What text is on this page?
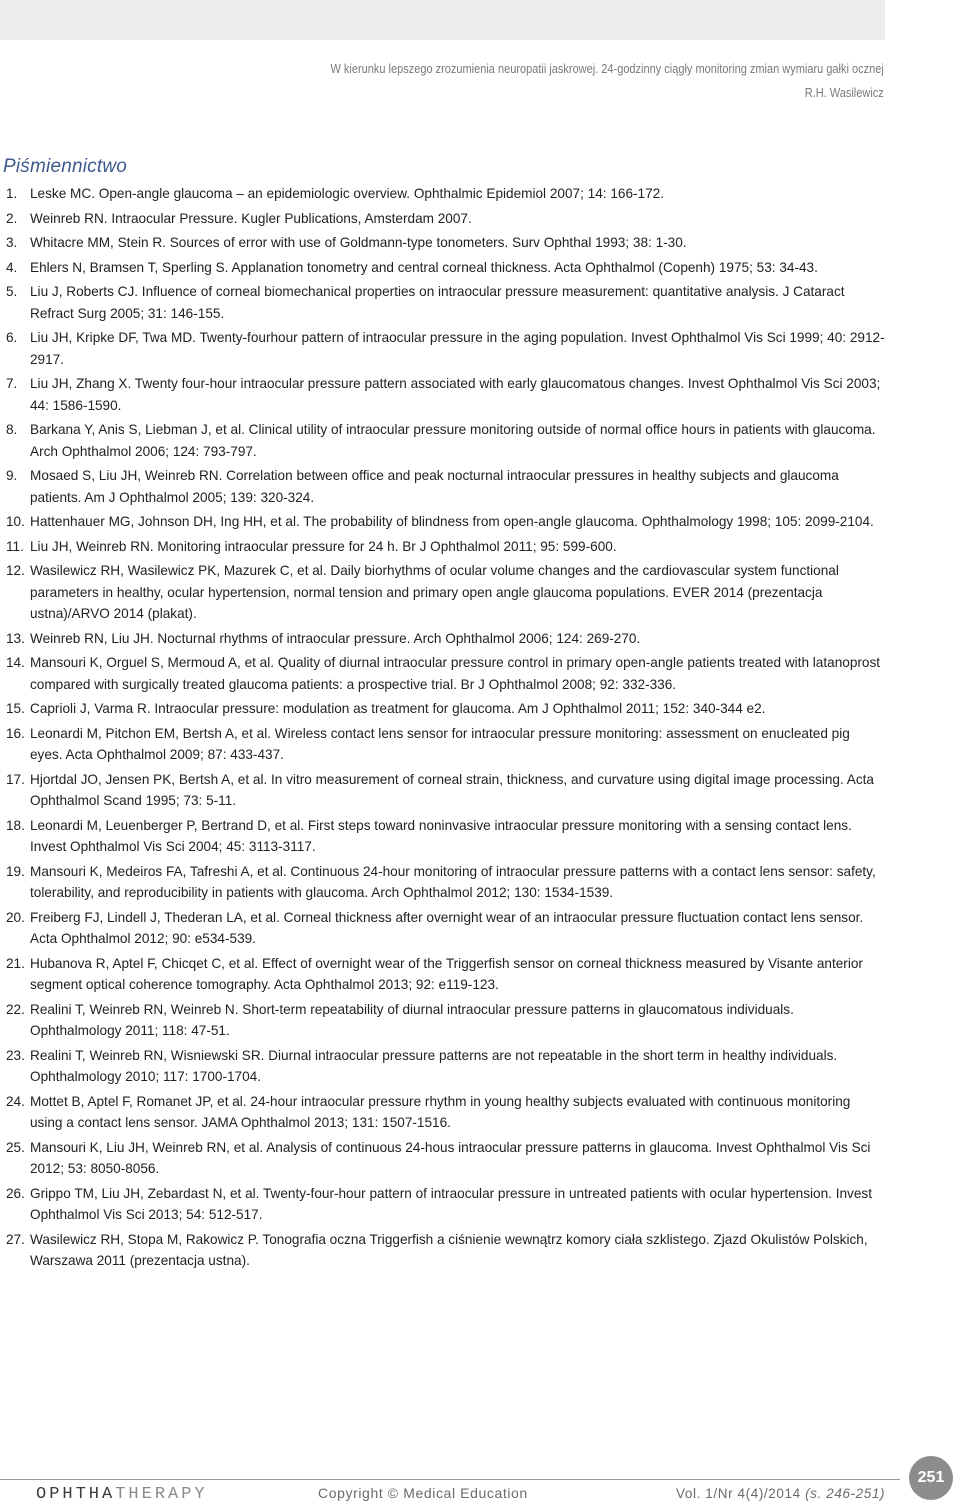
W kierunku lepszego zrozumienia neuropatii jaskrowej. 24-godzinny ciągły monitoring zmian wymiaru gałki ocznej
R.H. Wasilewicz
Piśmiennictwo
1. Leske MC. Open-angle glaucoma – an epidemiologic overview. Ophthalmic Epidemiol 2007; 14: 166-172.
2. Weinreb RN. Intraocular Pressure. Kugler Publications, Amsterdam 2007.
3. Whitacre MM, Stein R. Sources of error with use of Goldmann-type tonometers. Surv Ophthal 1993; 38: 1-30.
4. Ehlers N, Bramsen T, Sperling S. Applanation tonometry and central corneal thickness. Acta Ophthalmol (Copenh) 1975; 53: 34-43.
5. Liu J, Roberts CJ. Influence of corneal biomechanical properties on intraocular pressure measurement: quantitative analysis. J Cataract Refract Surg 2005; 31: 146-155.
6. Liu JH, Kripke DF, Twa MD. Twenty-fourhour pattern of intraocular pressure in the aging population. Invest Ophthalmol Vis Sci 1999; 40: 2912- 2917.
7. Liu JH, Zhang X. Twenty four-hour intraocular pressure pattern associated with early glaucomatous changes. Invest Ophthalmol Vis Sci 2003; 44: 1586-1590.
8. Barkana Y, Anis S, Liebman J, et al. Clinical utility of intraocular pressure monitoring outside of normal office hours in patients with glaucoma. Arch Ophthalmol 2006; 124: 793-797.
9. Mosaed S, Liu JH, Weinreb RN. Correlation between office and peak nocturnal intraocular pressures in healthy subjects and glaucoma patients. Am J Ophthalmol 2005; 139: 320-324.
10. Hattenhauer MG, Johnson DH, Ing HH, et al. The probability of blindness from open-angle glaucoma. Ophthalmology 1998; 105: 2099-2104.
11. Liu JH, Weinreb RN. Monitoring intraocular pressure for 24 h. Br J Ophthalmol 2011; 95: 599-600.
12. Wasilewicz RH, Wasilewicz PK, Mazurek C, et al. Daily biorhythms of ocular volume changes and the cardiovascular system functional parameters in healthy, ocular hypertension, normal tension and primary open angle glaucoma populations. EVER 2014 (prezentacja ustna)/ARVO 2014 (plakat).
13. Weinreb RN, Liu JH. Nocturnal rhythms of intraocular pressure. Arch Ophthalmol 2006; 124: 269-270.
14. Mansouri K, Orguel S, Mermoud A, et al. Quality of diurnal intraocular pressure control in primary open-angle patients treated with latanoprost compared with surgically treated glaucoma patients: a prospective trial. Br J Ophthalmol 2008; 92: 332-336.
15. Caprioli J, Varma R. Intraocular pressure: modulation as treatment for glaucoma. Am J Ophthalmol 2011; 152: 340-344 e2.
16. Leonardi M, Pitchon EM, Bertsh A, et al. Wireless contact lens sensor for intraocular pressure monitoring: assessment on enucleated pig eyes. Acta Ophthalmol 2009; 87: 433-437.
17. Hjortdal JO, Jensen PK, Bertsh A, et al. In vitro measurement of corneal strain, thickness, and curvature using digital image processing. Acta Ophthalmol Scand 1995; 73: 5-11.
18. Leonardi M, Leuenberger P, Bertrand D, et al. First steps toward noninvasive intraocular pressure monitoring with a sensing contact lens. Invest Ophthalmol Vis Sci 2004; 45: 3113-3117.
19. Mansouri K, Medeiros FA, Tafreshi A, et al. Continuous 24-hour monitoring of intraocular pressure patterns with a contact lens sensor: safety, tolerability, and reproducibility in patients with glaucoma. Arch Ophthalmol 2012; 130: 1534-1539.
20. Freiberg FJ, Lindell J, Thederan LA, et al. Corneal thickness after overnight wear of an intraocular pressure fluctuation contact lens sensor. Acta Ophthalmol 2012; 90: e534-539.
21. Hubanova R, Aptel F, Chicqet C, et al. Effect of overnight wear of the Triggerfish sensor on corneal thickness measured by Visante anterior segment optical coherence tomography. Acta Ophthalmol 2013; 92: e119-123.
22. Realini T, Weinreb RN, Weinreb N. Short-term repeatability of diurnal intraocular pressure patterns in glaucomatous individuals. Ophthalmology 2011; 118: 47-51.
23. Realini T, Weinreb RN, Wisniewski SR. Diurnal intraocular pressure patterns are not repeatable in the short term in healthy individuals. Ophthalmology 2010; 117: 1700-1704.
24. Mottet B, Aptel F, Romanet JP, et al. 24-hour intraocular pressure rhythm in young healthy subjects evaluated with continuous monitoring using a contact lens sensor. JAMA Ophthalmol 2013; 131: 1507-1516.
25. Mansouri K, Liu JH, Weinreb RN, et al. Analysis of continuous 24-hous intraocular pressure patterns in glaucoma. Invest Ophthalmol Vis Sci 2012; 53: 8050-8056.
26. Grippo TM, Liu JH, Zebardast N, et al. Twenty-four-hour pattern of intraocular pressure in untreated patients with ocular hypertension. Invest Ophthalmol Vis Sci 2013; 54: 512-517.
27. Wasilewicz RH, Stopa M, Rakowicz P. Tonografia oczna Triggerfish a ciśnienie wewnątrz komory ciała szklistego. Zjazd Okulistów Polskich, Warszawa 2011 (prezentacja ustna).
OPHTHATHERAPY	Copyright © Medical Education	Vol. 1/Nr 4(4)/2014 (s. 246-251)
251
